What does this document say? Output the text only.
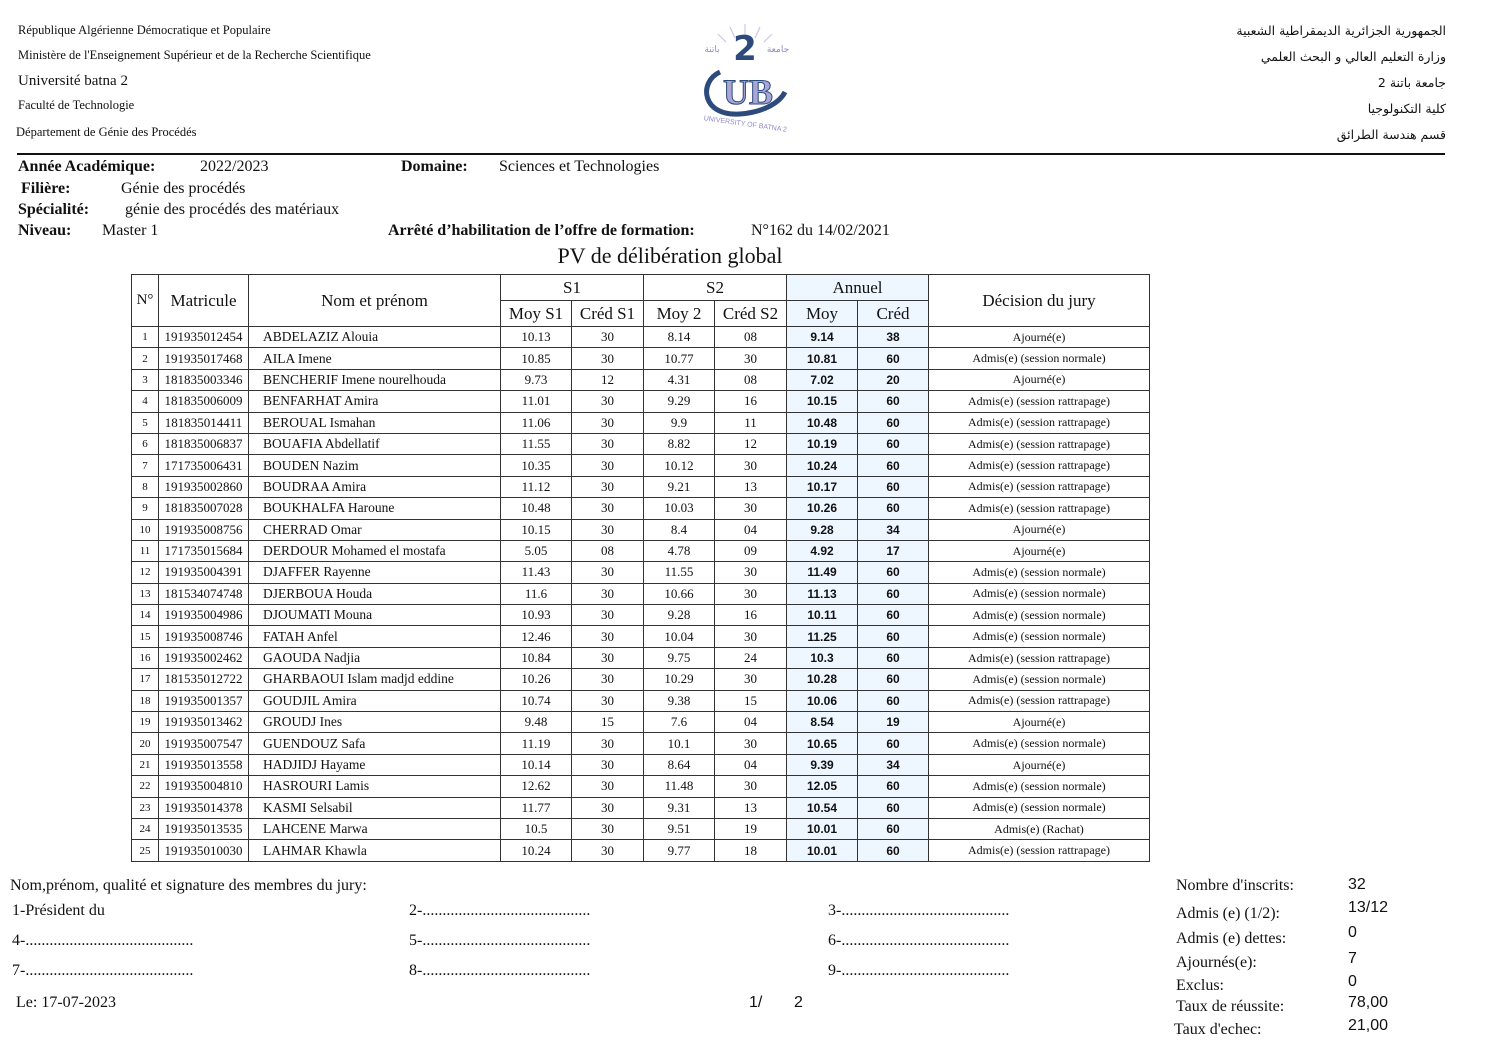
République Algérienne Démocratique et Populaire
Ministère de l'Enseignement Supérieur et de la Recherche Scientifique
Université batna 2
Faculté de Technologie
Département de Génie des Procédés
الجمهورية الجزائرية الديمقراطية الشعبية
وزارة التعليم العالي و البحث العلمي
جامعة باتنة 2
كلية التكنولوجيا
قسم هندسة الطرائق
2
باتنة	جامعة
UB
UNIVERSITY OF BATNA 2
Année Académique:	2022/2023	Domaine: Sciences et Technologies
Filière:	Génie des procédés
Spécialité: génie des procédés des matériaux
Niveau: Master 1	Arrêté d’habilitation de l’offre de formation:	N°162 du 14/02/2021
PV de délibération global
N°	Matricule	Nom et prénom	S1		S2		Annuel		Décision du jury
			Moy S1	Créd S1	Moy 2	Créd S2	Moy	Créd	
1	191935012454	ABDELAZIZ Alouia	10.13	30	8.14	08	9.14	38	Ajourné(e)
2	191935017468	AILA Imene	10.85	30	10.77	30	10.81	60	Admis(e) (session normale)
3	181835003346	BENCHERIF Imene nourelhouda	9.73	12	4.31	08	7.02	20	Ajourné(e)
4	181835006009	BENFARHAT Amira	11.01	30	9.29	16	10.15	60	Admis(e) (session rattrapage)
5	181835014411	BEROUAL Ismahan	11.06	30	9.9	11	10.48	60	Admis(e) (session rattrapage)
6	181835006837	BOUAFIA Abdellatif	11.55	30	8.82	12	10.19	60	Admis(e) (session rattrapage)
7	171735006431	BOUDEN Nazim	10.35	30	10.12	30	10.24	60	Admis(e) (session rattrapage)
8	191935002860	BOUDRAA Amira	11.12	30	9.21	13	10.17	60	Admis(e) (session rattrapage)
9	181835007028	BOUKHALFA Haroune	10.48	30	10.03	30	10.26	60	Admis(e) (session rattrapage)
10	191935008756	CHERRAD Omar	10.15	30	8.4	04	9.28	34	Ajourné(e)
11	171735015684	DERDOUR Mohamed el mostafa	5.05	08	4.78	09	4.92	17	Ajourné(e)
12	191935004391	DJAFFER Rayenne	11.43	30	11.55	30	11.49	60	Admis(e) (session normale)
13	181534074748	DJERBOUA Houda	11.6	30	10.66	30	11.13	60	Admis(e) (session normale)
14	191935004986	DJOUMATI Mouna	10.93	30	9.28	16	10.11	60	Admis(e) (session normale)
15	191935008746	FATAH Anfel	12.46	30	10.04	30	11.25	60	Admis(e) (session normale)
16	191935002462	GAOUDA Nadjia	10.84	30	9.75	24	10.3	60	Admis(e) (session rattrapage)
17	181535012722	GHARBAOUI Islam madjd eddine	10.26	30	10.29	30	10.28	60	Admis(e) (session normale)
18	191935001357	GOUDJIL Amira	10.74	30	9.38	15	10.06	60	Admis(e) (session rattrapage)
19	191935013462	GROUDJ Ines	9.48	15	7.6	04	8.54	19	Ajourné(e)
20	191935007547	GUENDOUZ Safa	11.19	30	10.1	30	10.65	60	Admis(e) (session normale)
21	191935013558	HADJIDJ Hayame	10.14	30	8.64	04	9.39	34	Ajourné(e)
22	191935004810	HASROURI Lamis	12.62	30	11.48	30	12.05	60	Admis(e) (session normale)
23	191935014378	KASMI Selsabil	11.77	30	9.31	13	10.54	60	Admis(e) (session normale)
24	191935013535	LAHCENE Marwa	10.5	30	9.51	19	10.01	60	Admis(e) (Rachat)
25	191935010030	LAHMAR Khawla	10.24	30	9.77	18	10.01	60	Admis(e) (session rattrapage)
Nom,prénom, qualité et signature des membres du jury:
1-Président du	2-..........................................	3-..........................................
4-..........................................	5-..........................................	6-..........................................
7-..........................................	8-..........................................	9-..........................................
Le: 17-07-2023	1/ 2
Nombre d'inscrits:	32
Admis (e) (1/2):	13/12
Admis (e) dettes:	0
Ajournés(e):	7
Exclus:	0
Taux de réussite:	78,00
Taux d'echec:	21,00
